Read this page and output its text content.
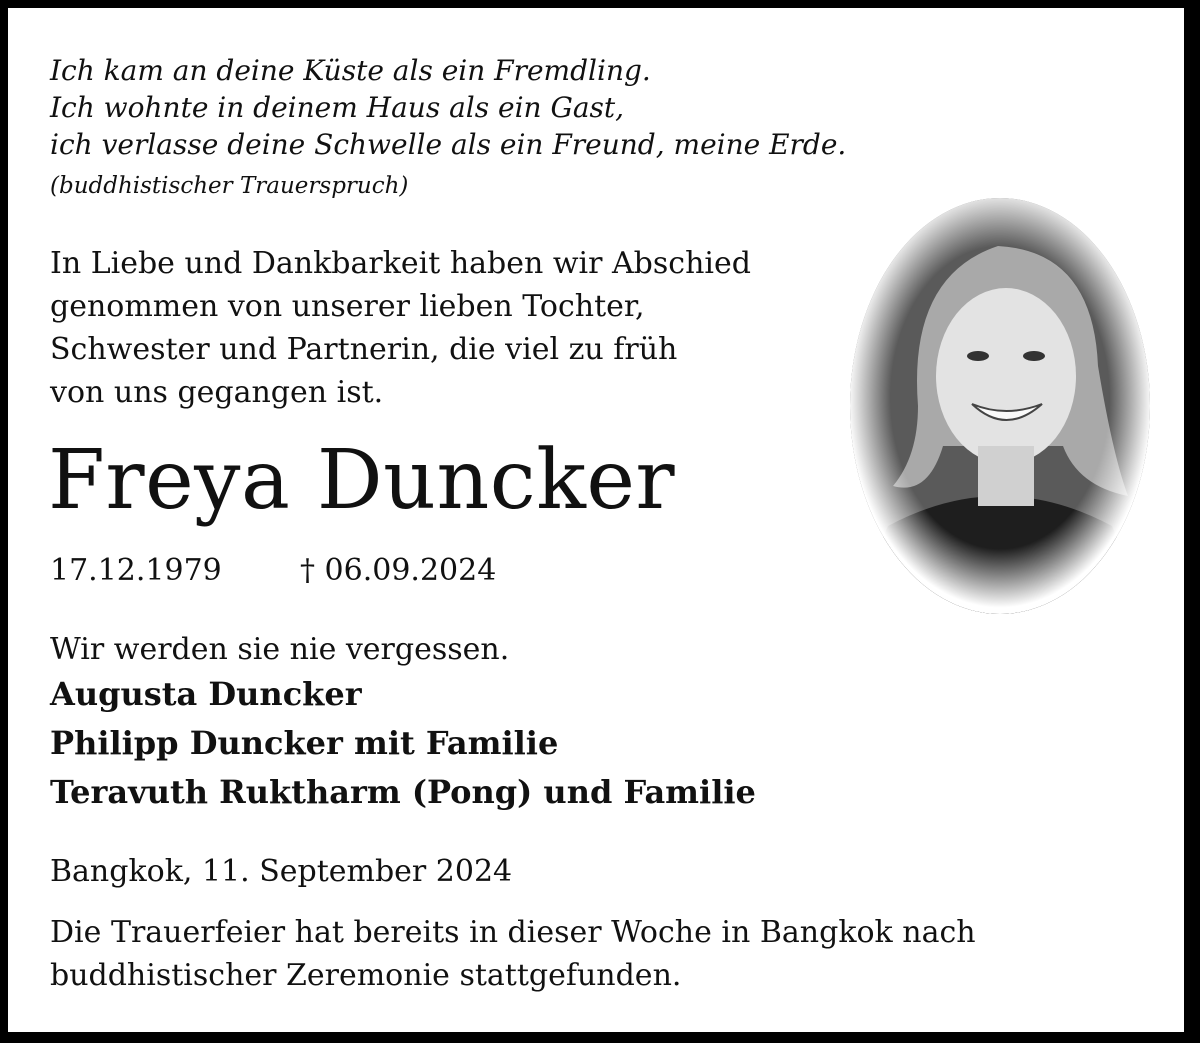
Ich kam an deine Küste als ein Fremdling.
Ich wohnte in deinem Haus als ein Gast,
ich verlasse deine Schwelle als ein Freund, meine Erde.
(buddhistischer Trauerspruch)
In Liebe und Dankbarkeit haben wir Abschied
genommen von unserer lieben Tochter,
Schwester und Partnerin, die viel zu früh
von uns gegangen ist.
Freya Duncker
17.12.1979	† 06.09.2024
Wir werden sie nie vergessen.
Augusta Duncker
Philipp Duncker mit Familie
Teravuth Ruktharm (Pong) und Familie
Bangkok, 11. September 2024
Die Trauerfeier hat bereits in dieser Woche in Bangkok nach
buddhistischer Zeremonie stattgefunden.
